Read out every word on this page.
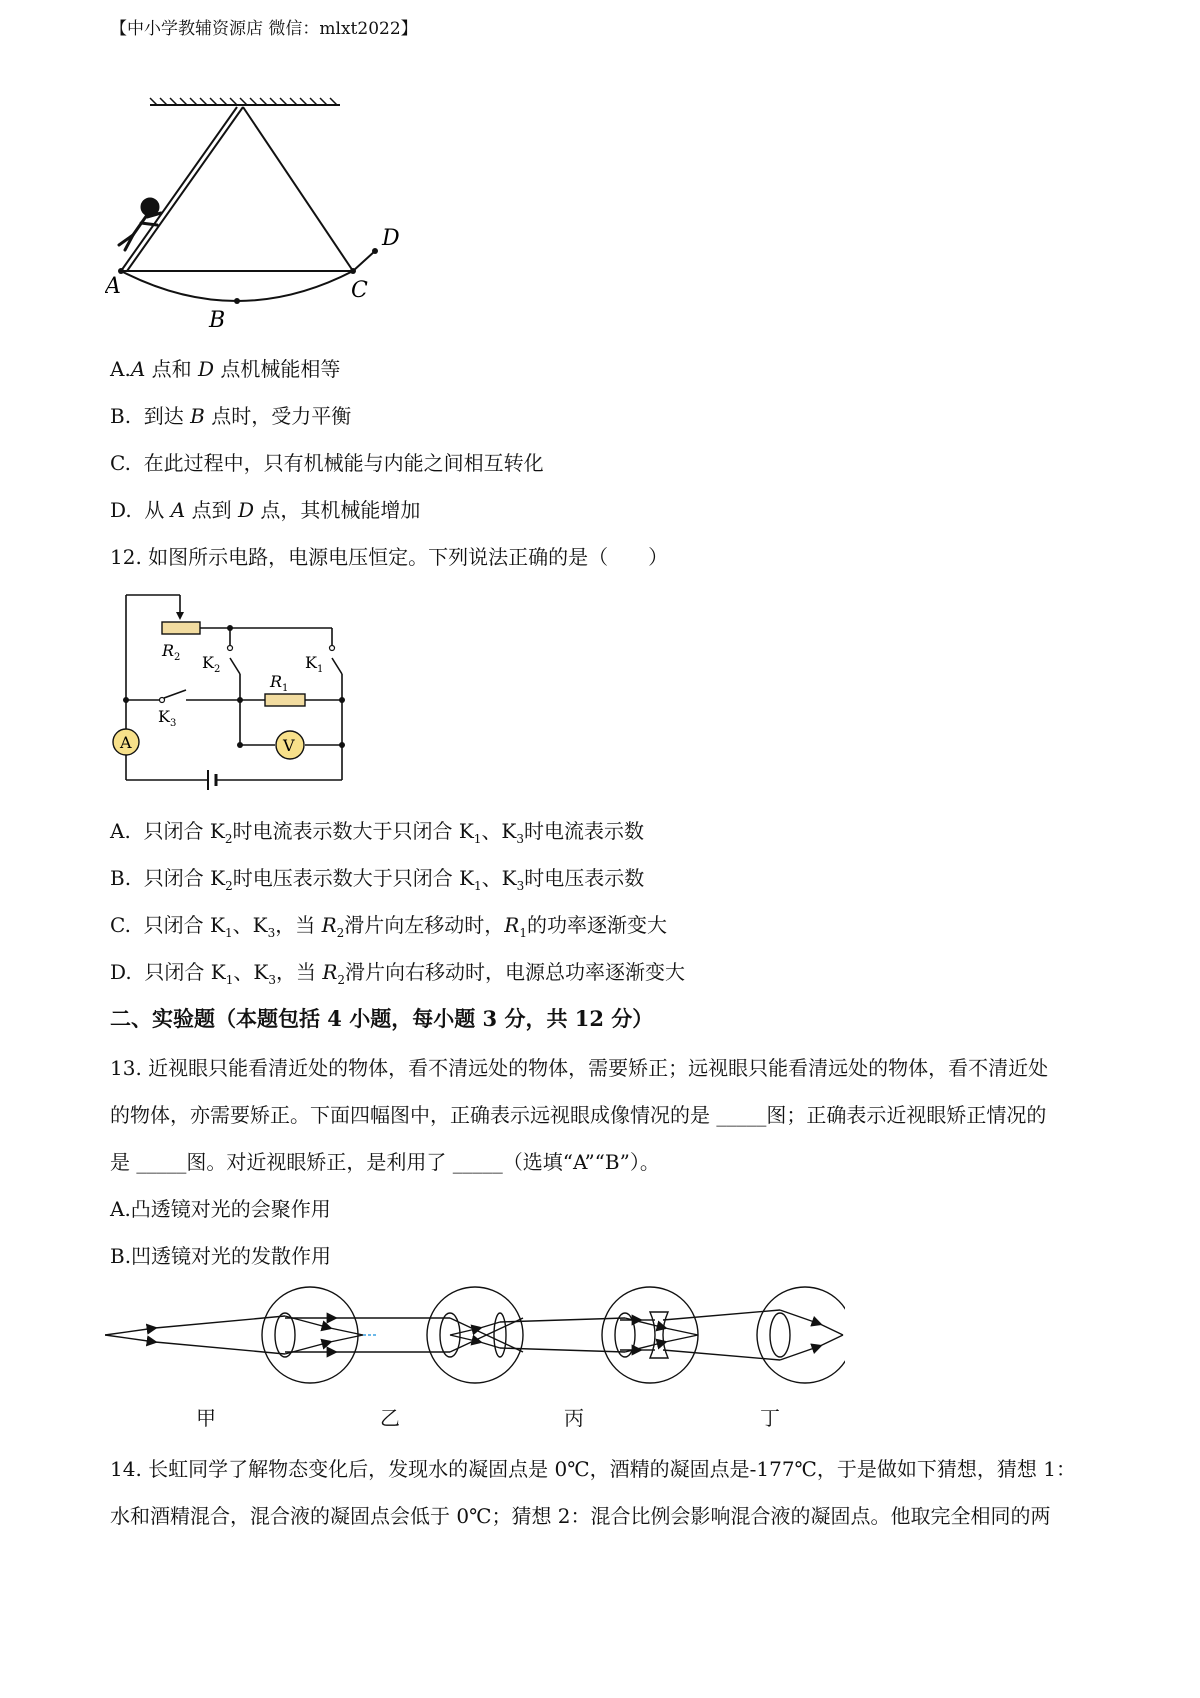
【中小学教辅资源店 微信：mlxt2022】
A
B
C
D
A.A 点和 D 点机械能相等
B. 到达 B 点时，受力平衡
C. 在此过程中，只有机械能与内能之间相互转化
D. 从 A 点到 D 点，其机械能增加
12. 如图所示电路，电源电压恒定。下列说法正确的是（　　）
A	V
$R_2$
$R_1$
$K_2$	$K_1$
$K_3$
A. 只闭合 $K_2$时电流表示数大于只闭合 $K_1$、$K_3$时电流表示数
B. 只闭合 $K_2$时电压表示数大于只闭合 $K_1$、$K_3$时电压表示数
C. 只闭合 $K_1$、$K_3$，当 $R_2$滑片向左移动时，$R_1$的功率逐渐变大
D. 只闭合 $K_1$、$K_3$，当 $R_2$滑片向右移动时，电源总功率逐渐变大
二、实验题（本题包括 4 小题，每小题 3 分，共 12 分）
13. 近视眼只能看清近处的物体，看不清远处的物体，需要矫正；远视眼只能看清远处的物体，看不清近处
的物体，亦需要矫正。下面四幅图中，正确表示远视眼成像情况的是 _____图；正确表示近视眼矫正情况的
是 _____图。对近视眼矫正，是利用了 _____（选填“A”“B”）。
A.凸透镜对光的会聚作用
B.凹透镜对光的发散作用
甲	乙	丙	丁
14. 长虹同学了解物态变化后，发现水的凝固点是 0℃，酒精的凝固点是-177℃，于是做如下猜想，猜想 1：
水和酒精混合，混合液的凝固点会低于 0℃；猜想 2：混合比例会影响混合液的凝固点。他取完全相同的两
